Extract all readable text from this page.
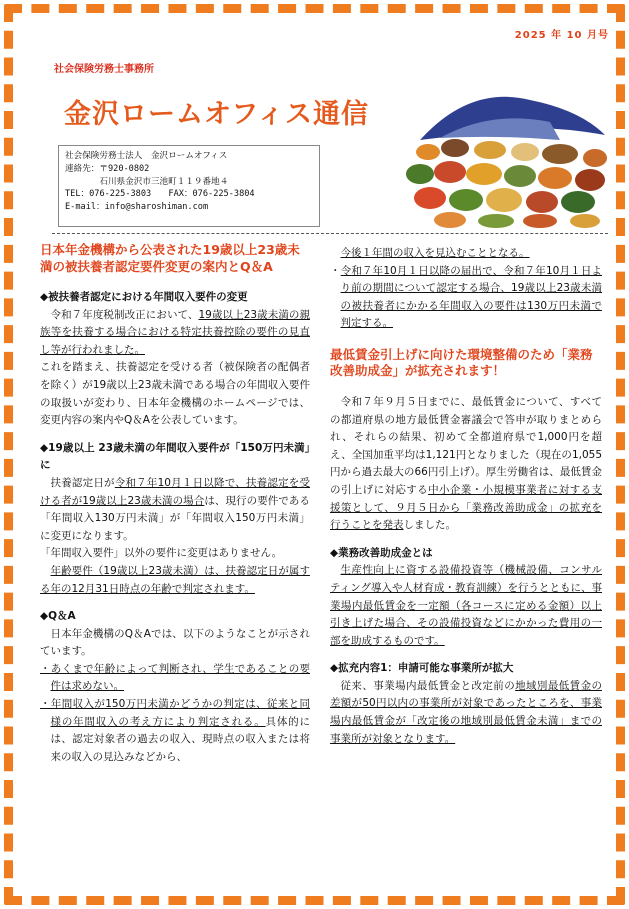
2025 年 10 月号
社会保険労務士事務所
金沢ロームオフィス通信
社会保険労務士法人　金沢ロームオフィス
連絡先：〒920-0802
　　　　石川県金沢市三池町１１９番地４
TEL：076-225-3803　　FAX：076-225-3804
E-mail：info@sharoshiman.com
日本年金機構から公表された19歳以上23歳未満の被扶養者認定要件変更の案内とQ＆A

◆被扶養者認定における年間収入要件の変更

令和７年度税制改正において、19歳以上23歳未満の親族等を扶養する場合における特定扶養控除の要件の見直し等が行われました。

これを踏まえ、扶養認定を受ける者（被保険者の配偶者を除く）が19歳以上23歳未満である場合の年間収入要件の取扱いが変わり、日本年金機構のホームページでは、変更内容の案内やQ＆Aを公表しています。

◆19歳以上 23歳未満の年間収入要件が「150万円未満」に

扶養認定日が令和７年10月１日以降で、扶養認定を受ける者が19歳以上23歳未満の場合は、現行の要件である「年間収入130万円未満」が「年間収入150万円未満」に変更になります。

「年間収入要件」以外の要件に変更はありません。

年齢要件（19歳以上23歳未満）は、扶養認定日が属する年の12月31日時点の年齢で判定されます。

◆Q＆A

日本年金機構のQ＆Aでは、以下のようなことが示されています。

・あくまで年齢によって判断され、学生であることの要件は求めない。

・年間収入が150万円未満かどうかの判定は、従来と同様の年間収入の考え方により判定される。具体的には、認定対象者の過去の収入、現時点の収入または将来の収入の見込みなどから、

今後１年間の収入を見込むこととなる。

・令和７年10月１日以降の届出で、令和７年10月１日より前の期間について認定する場合、19歳以上23歳未満の被扶養者にかかる年間収入の要件は130万円未満で判定する。

最低賃金引上げに向けた環境整備のため「業務改善助成金」が拡充されます！

令和７年９月５日までに、最低賃金について、すべての都道府県の地方最低賃金審議会で答申が取りまとめられ、それらの結果、初めて全都道府県で1,000円を超え、全国加重平均は1,121円となりました（現在の1,055円から過去最大の66円引上げ）。厚生労働省は、最低賃金の引上げに対応する中小企業・小規模事業者に対する支援策として、９月５日から「業務改善助成金」の拡充を行うことを発表しました。

◆業務改善助成金とは

生産性向上に資する設備投資等（機械設備、コンサルティング導入や人材育成・教育訓練）を行うとともに、事業場内最低賃金を一定額（各コースに定める金額）以上引き上げた場合、その設備投資などにかかった費用の一部を助成するものです。

◆拡充内容1：申請可能な事業所が拡大

従来、事業場内最低賃金と改定前の地域別最低賃金の差額が50円以内の事業所が対象であったところを、事業場内最低賃金が「改定後の地域別最低賃金未満」までの事業所が対象となります。
